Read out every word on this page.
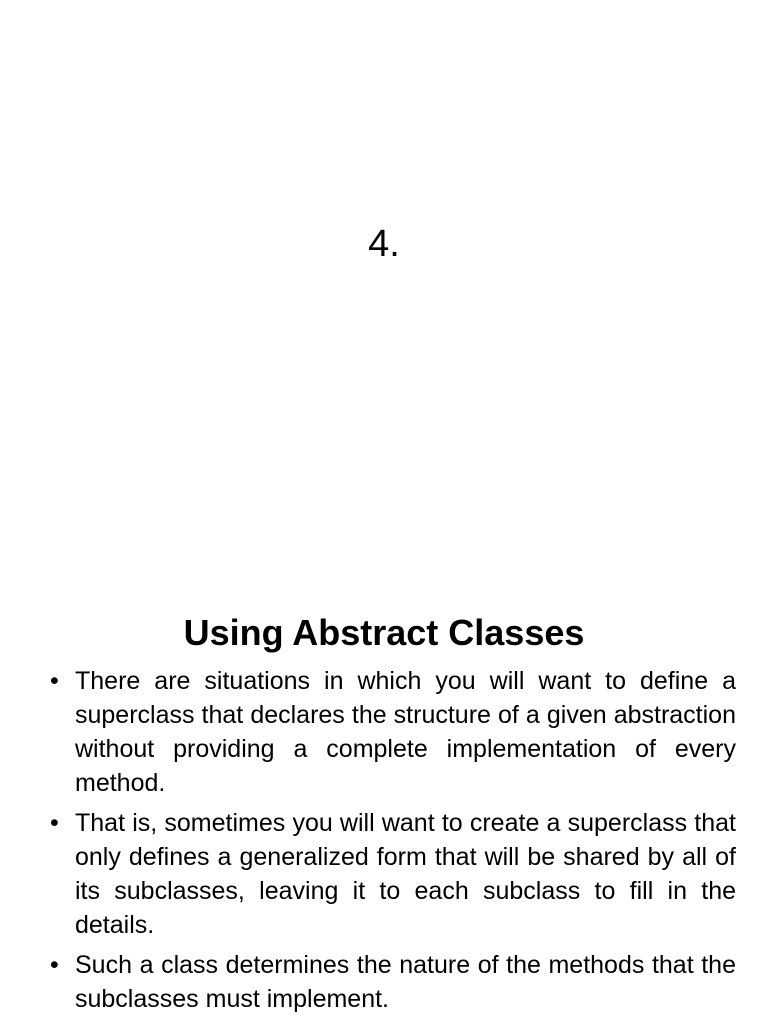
4.
Using Abstract Classes
• There are situations in which you will want to define a superclass that declares the structure of a given abstraction without providing a complete implementation of every method.
• That is, sometimes you will want to create a superclass that only defines a generalized form that will be shared by all of its subclasses, leaving it to each subclass to fill in the details.
• Such a class determines the nature of the methods that the subclasses must implement.
